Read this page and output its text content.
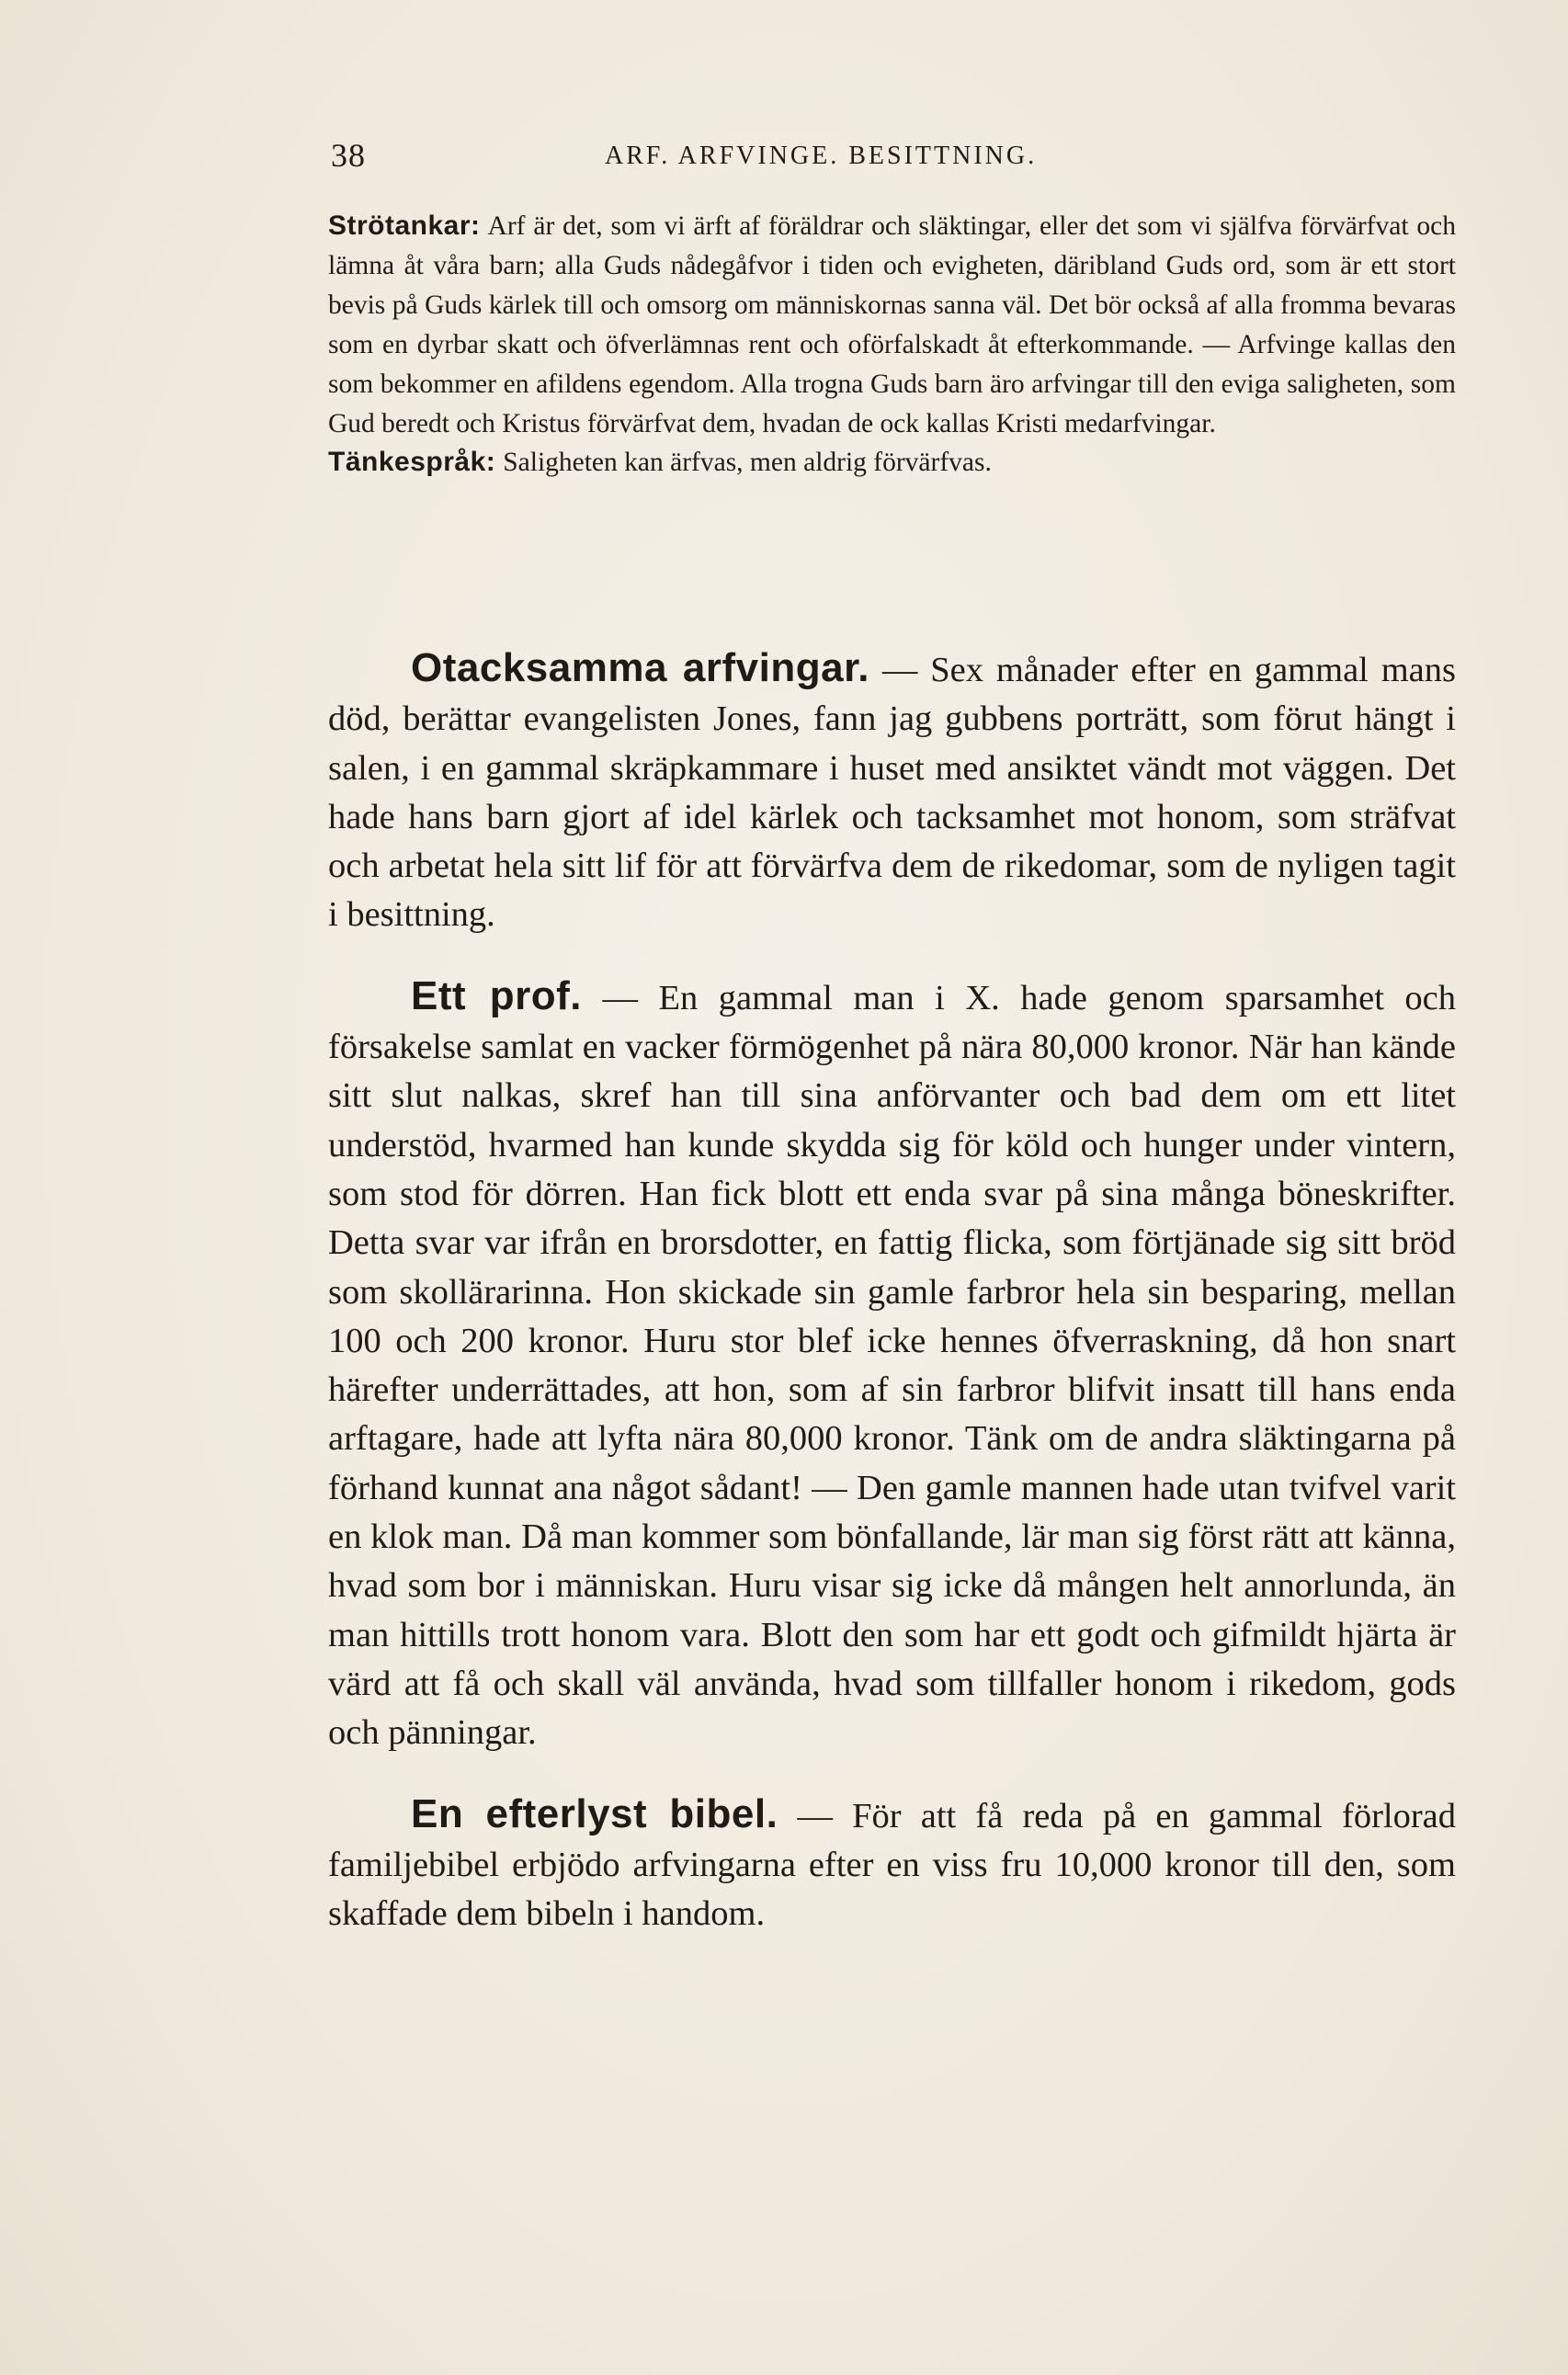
38	ARF. ARFVINGE. BESITTNING.

Strötankar: Arf är det, som vi ärft af föräldrar och släktingar, eller det som vi själfva förvärfvat och lämna åt våra barn; alla Guds nådegåfvor i tiden och evigheten, däribland Guds ord, som är ett stort bevis på Guds kärlek till och omsorg om människornas sanna väl. Det bör också af alla fromma bevaras som en dyrbar skatt och öfverlämnas rent och oförfalskadt åt efterkommande. — Arfvinge kallas den som bekommer en afildens egendom. Alla trogna Guds barn äro arfvingar till den eviga saligheten, som Gud beredt och Kristus förvärfvat dem, hvadan de ock kallas Kristi medarfvingar.

Tänkespråk: Saligheten kan ärfvas, men aldrig förvärfvas.

Otacksamma arfvingar. — Sex månader efter en gammal mans död, berättar evangelisten Jones, fann jag gubbens porträtt, som förut hängt i salen, i en gammal skräpkammare i huset med ansiktet vändt mot väggen. Det hade hans barn gjort af idel kärlek och tacksamhet mot honom, som sträfvat och arbetat hela sitt lif för att förvärfva dem de rikedomar, som de nyligen tagit i besittning.

Ett prof. — En gammal man i X. hade genom sparsamhet och försakelse samlat en vacker förmögenhet på nära 80,000 kronor. När han kände sitt slut nalkas, skref han till sina anförvanter och bad dem om ett litet understöd, hvarmed han kunde skydda sig för köld och hunger under vintern, som stod för dörren. Han fick blott ett enda svar på sina många böneskrifter. Detta svar var ifrån en brorsdotter, en fattig flicka, som förtjänade sig sitt bröd som skollärarinna. Hon skickade sin gamle farbror hela sin besparing, mellan 100 och 200 kronor. Huru stor blef icke hennes öfverraskning, då hon snart härefter underrättades, att hon, som af sin farbror blifvit insatt till hans enda arftagare, hade att lyfta nära 80,000 kronor. Tänk om de andra släktingarna på förhand kunnat ana något sådant! — Den gamle mannen hade utan tvifvel varit en klok man. Då man kommer som bönfallande, lär man sig först rätt att känna, hvad som bor i människan. Huru visar sig icke då mången helt annorlunda, än man hittills trott honom vara. Blott den som har ett godt och gifmildt hjärta är värd att få och skall väl använda, hvad som tillfaller honom i rikedom, gods och pänningar.

En efterlyst bibel. — För att få reda på en gammal förlorad familjebibel erbjödo arfvingarna efter en viss fru 10,000 kronor till den, som skaffade dem bibeln i handom.
